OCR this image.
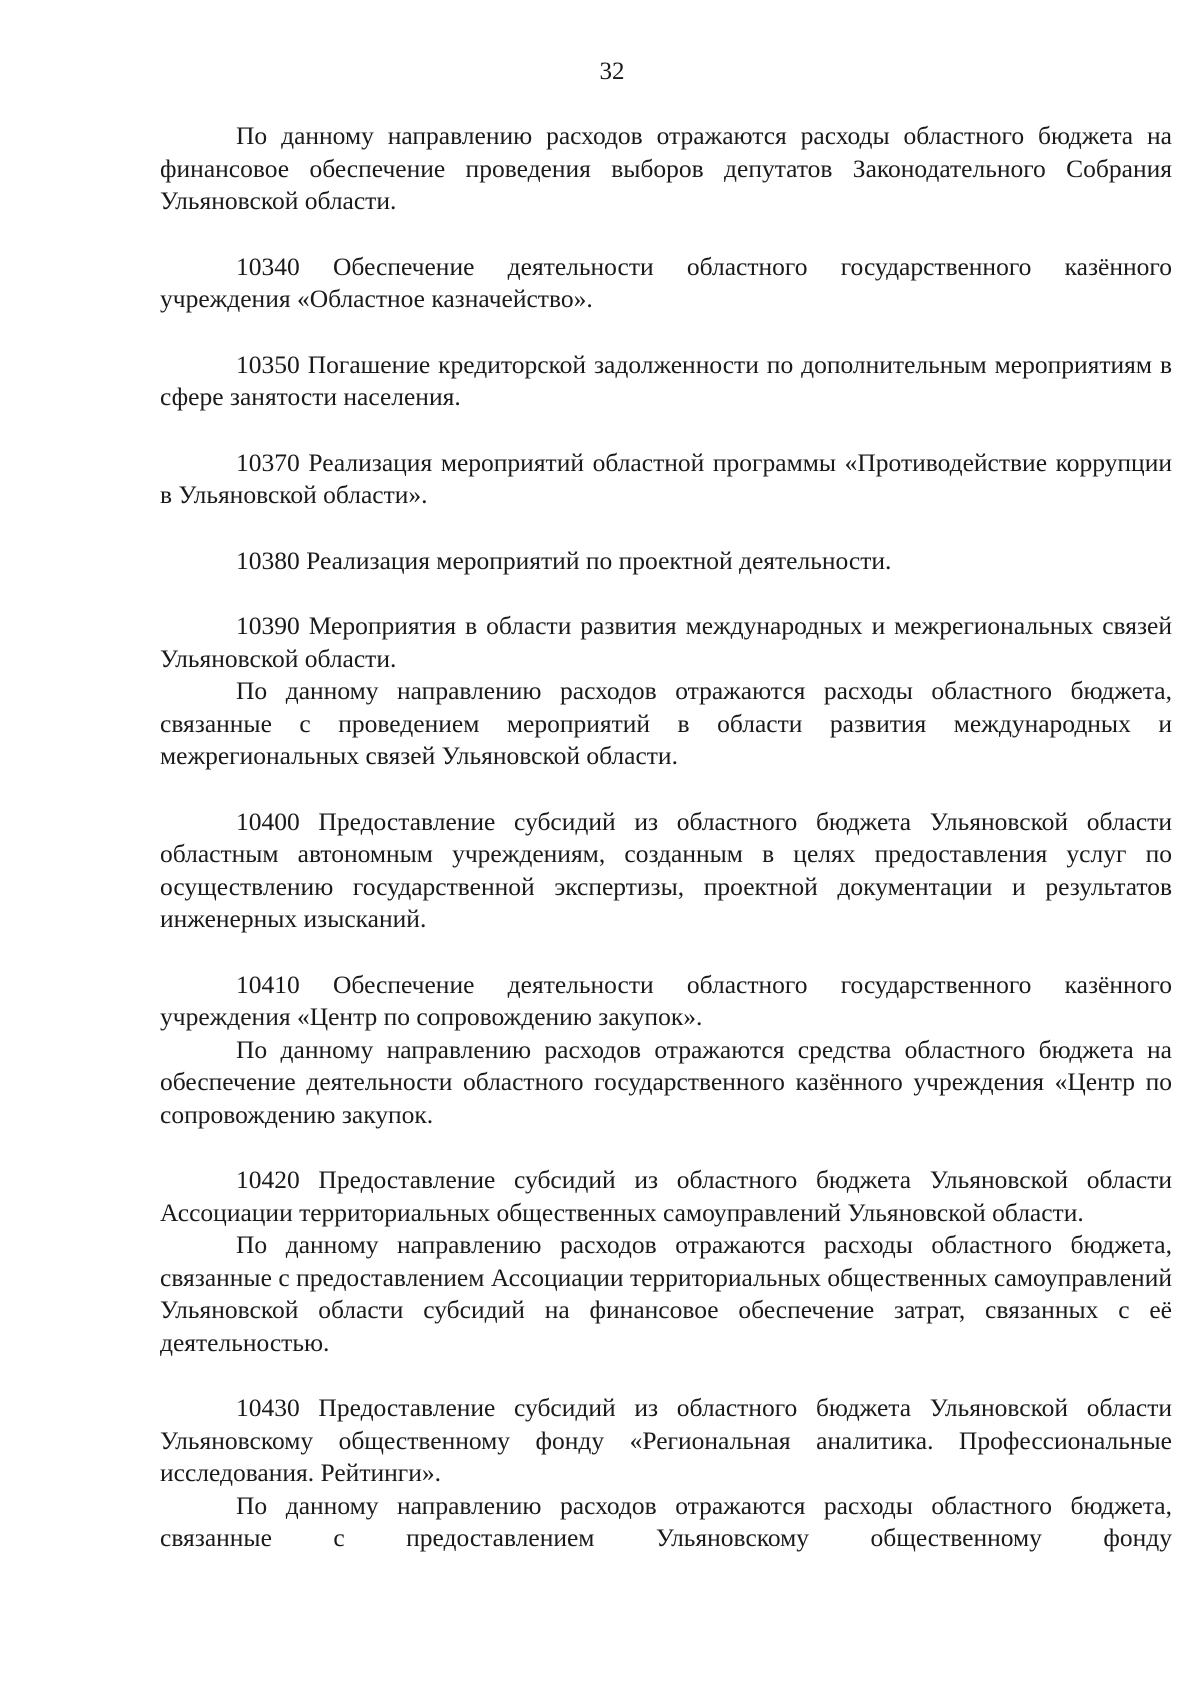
32

По данному направлению расходов отражаются расходы областного бюджета на финансовое обеспечение проведения выборов депутатов Законодательного Собрания Ульяновской области.

10340 Обеспечение деятельности областного государственного казённого учреждения «Областное казначейство».

10350 Погашение кредиторской задолженности по дополнительным мероприятиям в сфере занятости населения.

10370 Реализация мероприятий областной программы «Противодействие коррупции в Ульяновской области».

10380 Реализация мероприятий по проектной деятельности.

10390 Мероприятия в области развития международных и межрегиональных связей Ульяновской области.

По данному направлению расходов отражаются расходы областного бюджета, связанные с проведением мероприятий в области развития международных и межрегиональных связей Ульяновской области.

10400 Предоставление субсидий из областного бюджета Ульяновской области областным автономным учреждениям, созданным в целях предоставления услуг по осуществлению государственной экспертизы, проектной документации и результатов инженерных изысканий.

10410 Обеспечение деятельности областного государственного казённого учреждения «Центр по сопровождению закупок».

По данному направлению расходов отражаются средства областного бюджета на обеспечение деятельности областного государственного казённого учреждения «Центр по сопровождению закупок.

10420 Предоставление субсидий из областного бюджета Ульяновской области Ассоциации территориальных общественных самоуправлений Ульяновской области.

По данному направлению расходов отражаются расходы областного бюджета, связанные с предоставлением Ассоциации территориальных общественных самоуправлений Ульяновской области субсидий на финансовое обеспечение затрат, связанных с её деятельностью.

10430 Предоставление субсидий из областного бюджета Ульяновской области Ульяновскому общественному фонду «Региональная аналитика. Профессиональные исследования. Рейтинги».

По данному направлению расходов отражаются расходы областного бюджета, связанные с предоставлением Ульяновскому общественному фонду
